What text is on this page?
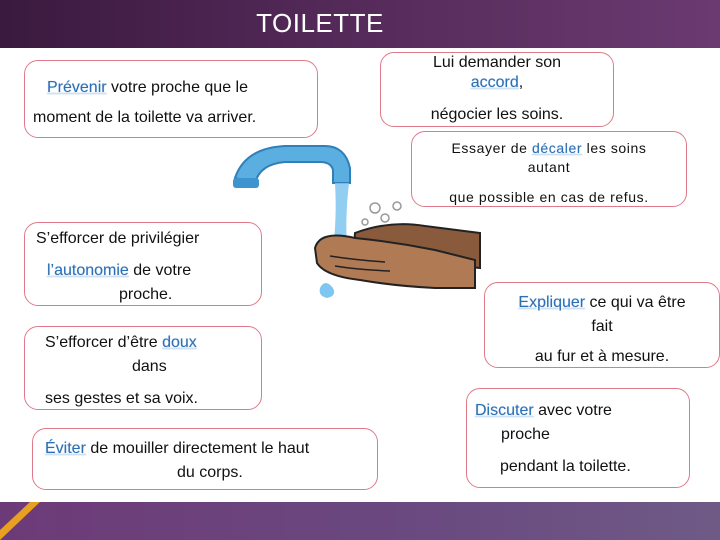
TOILETTE
Prévenir votre proche que le
moment de la toilette va arriver.
Lui demander son
accord,
négocier les soins.
Essayer de décaler les soins
autant
que possible en cas de refus.
S’efforcer de privilégier
l’autonomie de votre
proche.
S’efforcer d’être doux
dans
ses gestes et sa voix.
Expliquer ce qui va être
fait
au fur et à mesure.
Éviter de mouiller directement le haut
du corps.
Discuter avec votre
proche
pendant la toilette.
